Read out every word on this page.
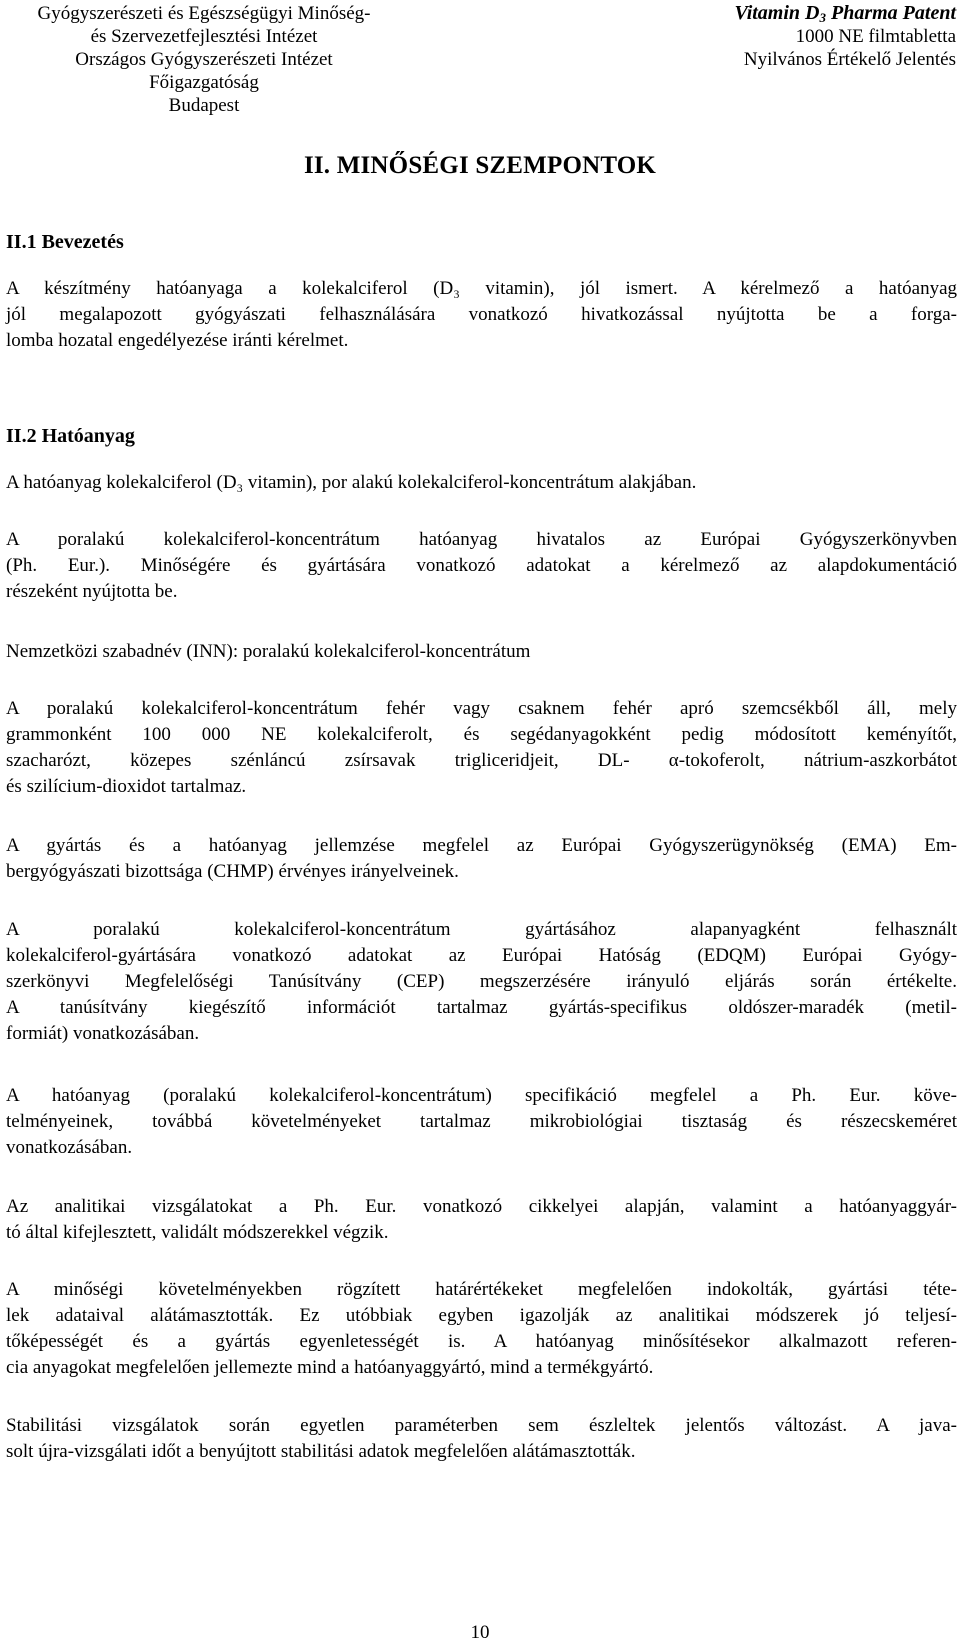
Gyógyszerészeti és Egészségügyi Minőség-
és Szervezetfejlesztési Intézet
Országos Gyógyszerészeti Intézet
Főigazgatóság
Budapest
Vitamin $D_3$ Pharma Patent
1000 NE filmtabletta
Nyilvános Értékelő Jelentés
II. MINŐSÉGI SZEMPONTOK
II.1 Bevezetés
A készítmény hatóanyaga a kolekalciferol (D₃ vitamin), jól ismert. A kérelmező a hatóanyag
jól megalapozott gyógyászati felhasználására vonatkozó hivatkozással nyújtotta be a forga-
lomba hozatal engedélyezése iránti kérelmet.
II.2 Hatóanyag
A hatóanyag kolekalciferol (D₃ vitamin), por alakú kolekalciferol-koncentrátum alakjában.
A poralakú kolekalciferol-koncentrátum hatóanyag hivatalos az Európai Gyógyszerkönyvben
(Ph. Eur.). Minőségére és gyártására vonatkozó adatokat a kérelmező az alapdokumentáció
részeként nyújtotta be.
Nemzetközi szabadnév (INN): poralakú kolekalciferol-koncentrátum
A poralakú kolekalciferol-koncentrátum fehér vagy csaknem fehér apró szemcsékből áll, mely
grammonként 100 000 NE kolekalciferolt, és segédanyagokként pedig módosított keményítőt,
szacharózt, közepes szénláncú zsírsavak trigliceridjeit, DL- α-tokoferolt, nátrium-aszkorbátot
és szilícium-dioxidot tartalmaz.
A gyártás és a hatóanyag jellemzése megfelel az Európai Gyógyszerügynökség (EMA) Em-
bergyógyászati bizottsága (CHMP) érvényes irányelveinek.
A poralakú kolekalciferol-koncentrátum gyártásához alapanyagként felhasznált
kolekalciferol-gyártására vonatkozó adatokat az Európai Hatóság (EDQM) Európai Gyógy-
szerkönyvi Megfelelőségi Tanúsítvány (CEP) megszerzésére irányuló eljárás során értékelte.
A tanúsítvány kiegészítő információt tartalmaz gyártás-specifikus oldószer-maradék (metil-
formiát) vonatkozásában.
A hatóanyag (poralakú kolekalciferol-koncentrátum) specifikáció megfelel a Ph. Eur. köve-
telményeinek, továbbá követelményeket tartalmaz mikrobiológiai tisztaság és részecskeméret
vonatkozásában.
Az analitikai vizsgálatokat a Ph. Eur. vonatkozó cikkelyei alapján, valamint a hatóanyaggyár-
tó által kifejlesztett, validált módszerekkel végzik.
A minőségi követelményekben rögzített határértékeket megfelelően indokolták, gyártási téte-
lek adataival alátámasztották. Ez utóbbiak egyben igazolják az analitikai módszerek jó teljesí-
tőképességét és a gyártás egyenletességét is. A hatóanyag minősítésekor alkalmazott referen-
cia anyagokat megfelelően jellemezte mind a hatóanyaggyártó, mind a termékgyártó.
Stabilitási vizsgálatok során egyetlen paraméterben sem észleltek jelentős változást. A java-
solt újra-vizsgálati időt a benyújtott stabilitási adatok megfelelően alátámasztották.
10
